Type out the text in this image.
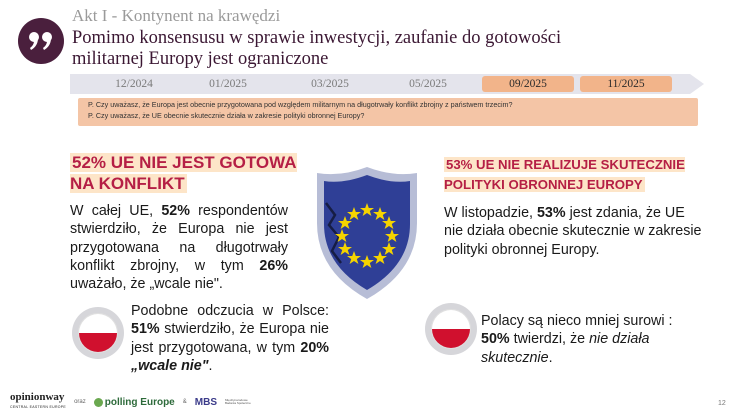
Akt I - Kontynent na krawędzi
Pomimo konsensusu w sprawie inwestycji, zaufanie do gotowości militarnej Europy jest ograniczone
12/2024	01/2025	03/2025	05/2025	09/2025	11/2025
P. Czy uważasz, że Europa jest obecnie przygotowana pod względem militarnym na długotrwały konflikt zbrojny z państwem trzecim?
P. Czy uważasz, że UE obecnie skutecznie działa w zakresie polityki obronnej Europy?
52% UE NIE JEST GOTOWA NA KONFLIKT

W całej UE, 52% respondentów stwierdziło, że Europa nie jest przygotowana na długotrwały konflikt zbrojny, w tym 26% uważało, że „wcale nie".

Podobne odczucia w Polsce: 51% stwierdziło, że Europa nie jest przygotowana, w tym 20% „wcale nie".

53% UE NIE REALIZUJE SKUTECZNIE POLITYKI OBRONNEJ EUROPY

W listopadzie, 53% jest zdania, że UE nie działa obecnie skutecznie w zakresie polityki obronnej Europy.

Polacy są nieco mniej surowi : 50% twierdzi, że nie działa skutecznie.

opinionway
CENTRAL EASTERN EUROPE
oraz polling Europe & MBS	Międzynarodowe Badania Społeczne	12
